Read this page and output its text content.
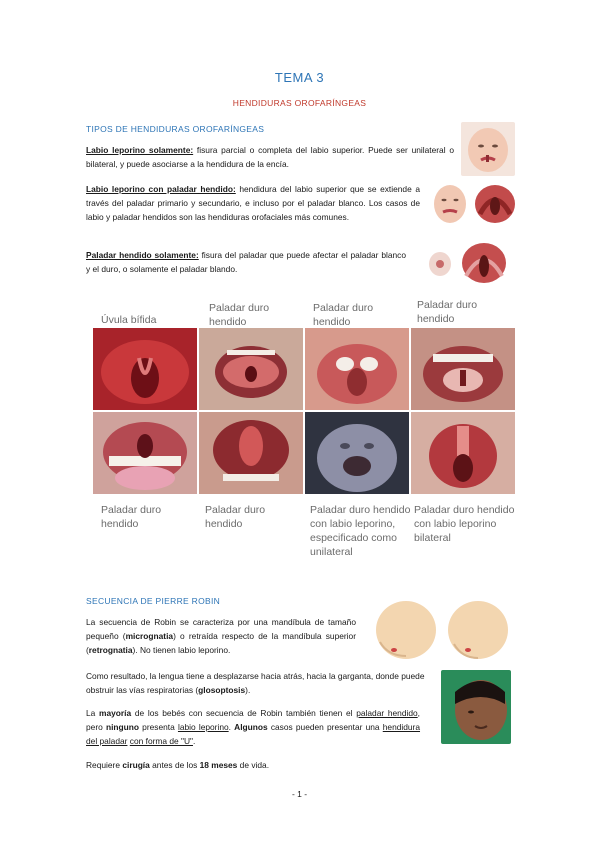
TEMA 3
HENDIDURAS OROFARÍNGEAS
TIPOS DE HENDIDURAS OROFARÍNGEAS
Labio leporino solamente: fisura parcial o completa del labio superior. Puede ser unilateral o bilateral, y puede asociarse a la hendidura de la encía.
Labio leporino con paladar hendido: hendidura del labio superior que se extiende a través del paladar primario y secundario, e incluso por el paladar blanco. Los casos de labio y paladar hendidos son las hendiduras orofaciales más comunes.
Paladar hendido solamente: fisura del paladar que puede afectar el paladar blanco y el duro, o solamente el paladar blando.
Úvula bífida
Paladar duro hendido
Paladar duro hendido
Paladar duro hendido
Paladar duro hendido
Paladar duro hendido
Paladar duro hendido con labio leporino, especificado como unilateral
Paladar duro hendido con labio leporino bilateral
SECUENCIA DE PIERRE ROBIN
La secuencia de Robin se caracteriza por una mandíbula de tamaño pequeño (micrognatia) o retraída respecto de la mandíbula superior (retrognatia). No tienen labio leporino.
Como resultado, la lengua tiene a desplazarse hacia atrás, hacia la garganta, donde puede obstruir las vías respiratorias (glosoptosis).
La mayoría de los bebés con secuencia de Robin también tienen el paladar hendido, pero ninguno presenta labio leporino. Algunos casos pueden presentar una hendidura del paladar con forma de "U".
Requiere cirugía antes de los 18 meses de vida.
- 1 -
